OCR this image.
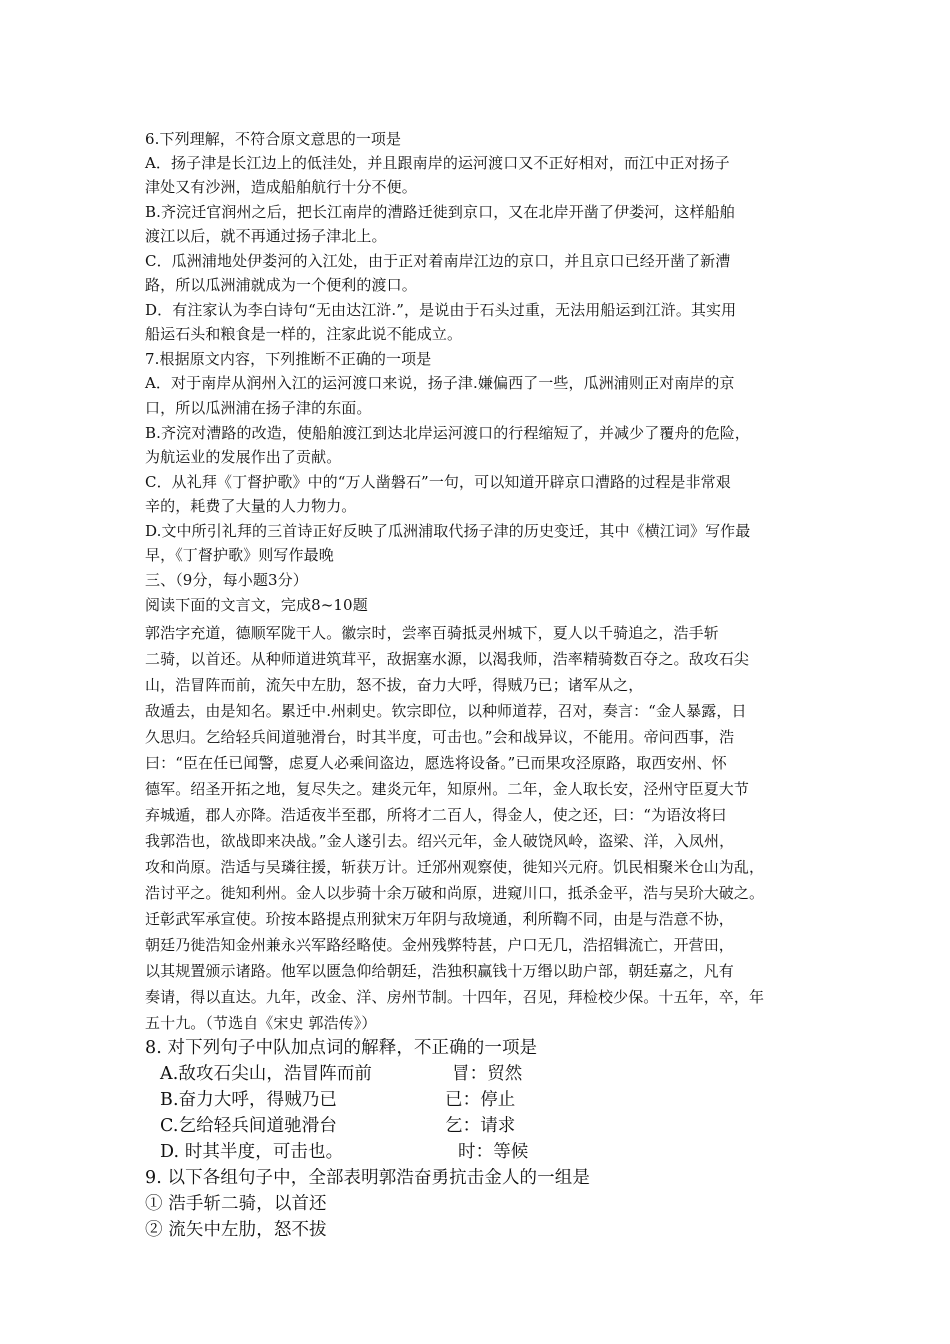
6.下列理解，不符合原文意思的一项是
A．扬子津是长江边上的低洼处，并且跟南岸的运河渡口又不正好相对，而江中正对扬子
津处又有沙洲，造成船舶航行十分不便。
B.齐浣迁官润州之后，把长江南岸的漕路迁徙到京口，又在北岸开凿了伊娄河，这样船舶
渡江以后，就不再通过扬子津北上。
C．瓜洲浦地处伊娄河的入江处，由于正对着南岸江边的京口，并且京口已经开凿了新漕
路，所以瓜洲浦就成为一个便利的渡口。
D．有注家认为李白诗句“无由达江浒.”，是说由于石头过重，无法用船运到江浒。其实用
船运石头和粮食是一样的，注家此说不能成立。
7.根据原文内容，下列推断不正确的一项是
A．对于南岸从润州入江的运河渡口来说，扬子津.嫌偏西了一些，瓜洲浦则正对南岸的京
口，所以瓜洲浦在扬子津的东面。
B.齐浣对漕路的改造，使船舶渡江到达北岸运河渡口的行程缩短了，并减少了覆舟的危险，
为航运业的发展作出了贡献。
C．从礼拜《丁督护歌》中的“万人凿磐石”一句，可以知道开辟京口漕路的过程是非常艰
辛的，耗费了大量的人力物力。
D.文中所引礼拜的三首诗正好反映了瓜洲浦取代扬子津的历史变迁，其中《横江词》写作最
早，《丁督护歌》则写作最晚
三、（9分，每小题3分）
阅读下面的文言文，完成8~10题
郭浩字充道，德顺军陇干人。徽宗时，尝率百骑抵灵州城下，夏人以千骑追之，浩手斩
二骑，以首还。从种师道进筑茸平，敌据塞水源，以渴我师，浩率精骑数百夺之。敌攻石尖
山，浩冒阵而前，流矢中左肋，怒不拔，奋力大呼，得贼乃已；诸军从之，
敌遁去，由是知名。累迁中.州刺史。钦宗即位，以种师道荐，召对，奏言：“金人暴露，日
久思归。乞给轻兵间道驰滑台，时其半度，可击也。”会和战异议，不能用。帝问西事，浩
曰：“臣在任已闻警，虑夏人必乘间盗边，愿选将设备。”已而果攻泾原路，取西安州、怀
德军。绍圣开拓之地，复尽失之。建炎元年，知原州。二年，金人取长安，泾州守臣夏大节
弃城遁，郡人亦降。浩适夜半至郡，所将才二百人，得金人，使之还，曰：“为语汝将曰
我郭浩也，欲战即来决战。”金人遂引去。绍兴元年，金人破饶风岭，盗梁、洋，入凤州，
攻和尚原。浩适与吴璘往援，斩获万计。迁邠州观察使，徙知兴元府。饥民相聚米仓山为乱，
浩讨平之。徙知利州。金人以步骑十余万破和尚原，进窥川口，抵杀金平，浩与吴玠大破之。
迁彰武军承宣使。玠按本路提点刑狱宋万年阴与敌境通，利所鞫不同，由是与浩意不协，
朝廷乃徙浩知金州兼永兴军路经略使。金州残弊特甚，户口无几，浩招辑流亡，开营田，
以其规置颁示诸路。他军以匮急仰给朝廷，浩独积赢钱十万缗以助户部，朝廷嘉之，凡有
奏请，得以直达。九年，改金、洋、房州节制。十四年，召见，拜检校少保。十五年，卒，年
五十九。（节选自《宋史 郭浩传》）
8. 对下列句子中队加点词的解释，不正确的一项是
A.敌攻石尖山，浩冒阵而前	冒：贸然
B.奋力大呼，得贼乃已	已：停止
C.乞给轻兵间道驰滑台	乞：请求
D. 时其半度，可击也。	时：等候
9. 以下各组句子中，全部表明郭浩奋勇抗击金人的一组是
① 浩手斩二骑，以首还
② 流矢中左肋，怒不拔
